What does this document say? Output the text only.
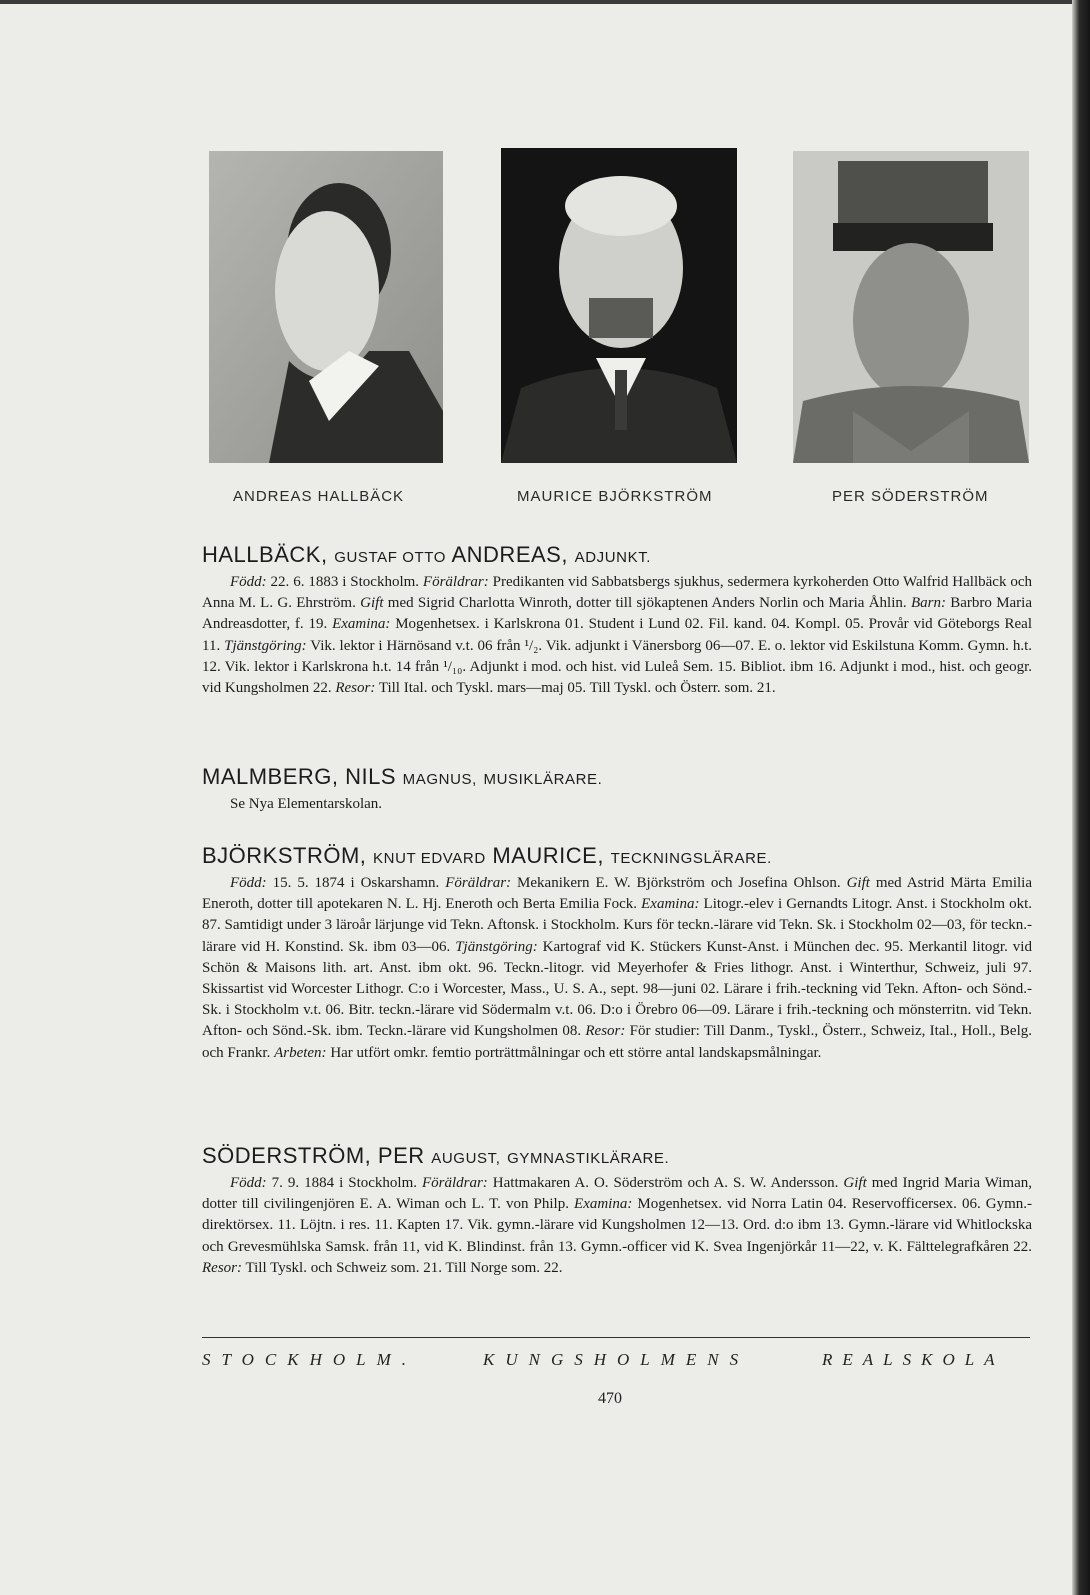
ANDREAS HALLBÄCK	MAURICE BJÖRKSTRÖM	PER SÖDERSTRÖM
HALLBÄCK, GUSTAF OTTO ANDREAS, ADJUNKT.

Född: 22. 6. 1883 i Stockholm. Föräldrar: Predikanten vid Sabbatsbergs sjukhus, sedermera kyrkoherden Otto Walfrid Hallbäck och Anna M. L. G. Ehrström. Gift med Sigrid Charlotta Winroth, dotter till sjökaptenen Anders Norlin och Maria Åhlin. Barn: Barbro Maria Andreasdotter, f. 19. Examina: Mogenhetsex. i Karlskrona 01. Student i Lund 02. Fil. kand. 04. Kompl. 05. Provår vid Göteborgs Real 11. Tjänstgöring: Vik. lektor i Härnösand v.t. 06 från ¹/₂. Vik. adjunkt i Vänersborg 06—07. E. o. lektor vid Eskilstuna Komm. Gymn. h.t. 12. Vik. lektor i Karlskrona h.t. 14 från ¹/₁₀. Adjunkt i mod. och hist. vid Luleå Sem. 15. Bibliot. ibm 16. Adjunkt i mod., hist. och geogr. vid Kungsholmen 22. Resor: Till Ital. och Tyskl. mars—maj 05. Till Tyskl. och Österr. som. 21.

MALMBERG, NILS MAGNUS, MUSIKLÄRARE.

Se Nya Elementarskolan.

BJÖRKSTRÖM, KNUT EDVARD MAURICE, TECKNINGSLÄRARE.

Född: 15. 5. 1874 i Oskarshamn. Föräldrar: Mekanikern E. W. Björkström och Josefina Ohlson. Gift med Astrid Märta Emilia Eneroth, dotter till apotekaren N. L. Hj. Eneroth och Berta Emilia Fock. Examina: Litogr.-elev i Gernandts Litogr. Anst. i Stockholm okt. 87. Samtidigt under 3 läroår lärjunge vid Tekn. Aftonsk. i Stockholm. Kurs för teckn.-lärare vid Tekn. Sk. i Stockholm 02—03, för teckn.-lärare vid H. Konstind. Sk. ibm 03—06. Tjänstgöring: Kartograf vid K. Stückers Kunst-Anst. i München dec. 95. Merkantil litogr. vid Schön & Maisons lith. art. Anst. ibm okt. 96. Teckn.-litogr. vid Meyerhofer & Fries lithogr. Anst. i Winterthur, Schweiz, juli 97. Skissartist vid Worcester Lithogr. C:o i Worcester, Mass., U. S. A., sept. 98—juni 02. Lärare i frih.-teckning vid Tekn. Afton- och Sönd.-Sk. i Stockholm v.t. 06. Bitr. teckn.-lärare vid Södermalm v.t. 06. D:o i Örebro 06—09. Lärare i frih.-teckning och mönsterritn. vid Tekn. Afton- och Sönd.-Sk. ibm. Teckn.-lärare vid Kungsholmen 08. Resor: För studier: Till Danm., Tyskl., Österr., Schweiz, Ital., Holl., Belg. och Frankr. Arbeten: Har utfört omkr. femtio porträttmålningar och ett större antal landskapsmålningar.

SÖDERSTRÖM, PER AUGUST, GYMNASTIKLÄRARE.

Född: 7. 9. 1884 i Stockholm. Föräldrar: Hattmakaren A. O. Söderström och A. S. W. Andersson. Gift med Ingrid Maria Wiman, dotter till civilingenjören E. A. Wiman och L. T. von Philp. Examina: Mogenhetsex. vid Norra Latin 04. Reservofficersex. 06. Gymn.-direktörsex. 11. Löjtn. i res. 11. Kapten 17. Vik. gymn.-lärare vid Kungsholmen 12—13. Ord. d:o ibm 13. Gymn.-lärare vid Whitlockska och Grevesmühlska Samsk. från 11, vid K. Blindinst. från 13. Gymn.-officer vid K. Svea Ingenjörkår 11—22, v. K. Fälttelegrafkåren 22. Resor: Till Tyskl. och Schweiz som. 21. Till Norge som. 22.

STOCKHOLM.	KUNGSHOLMENS	REALSKOLA
470
